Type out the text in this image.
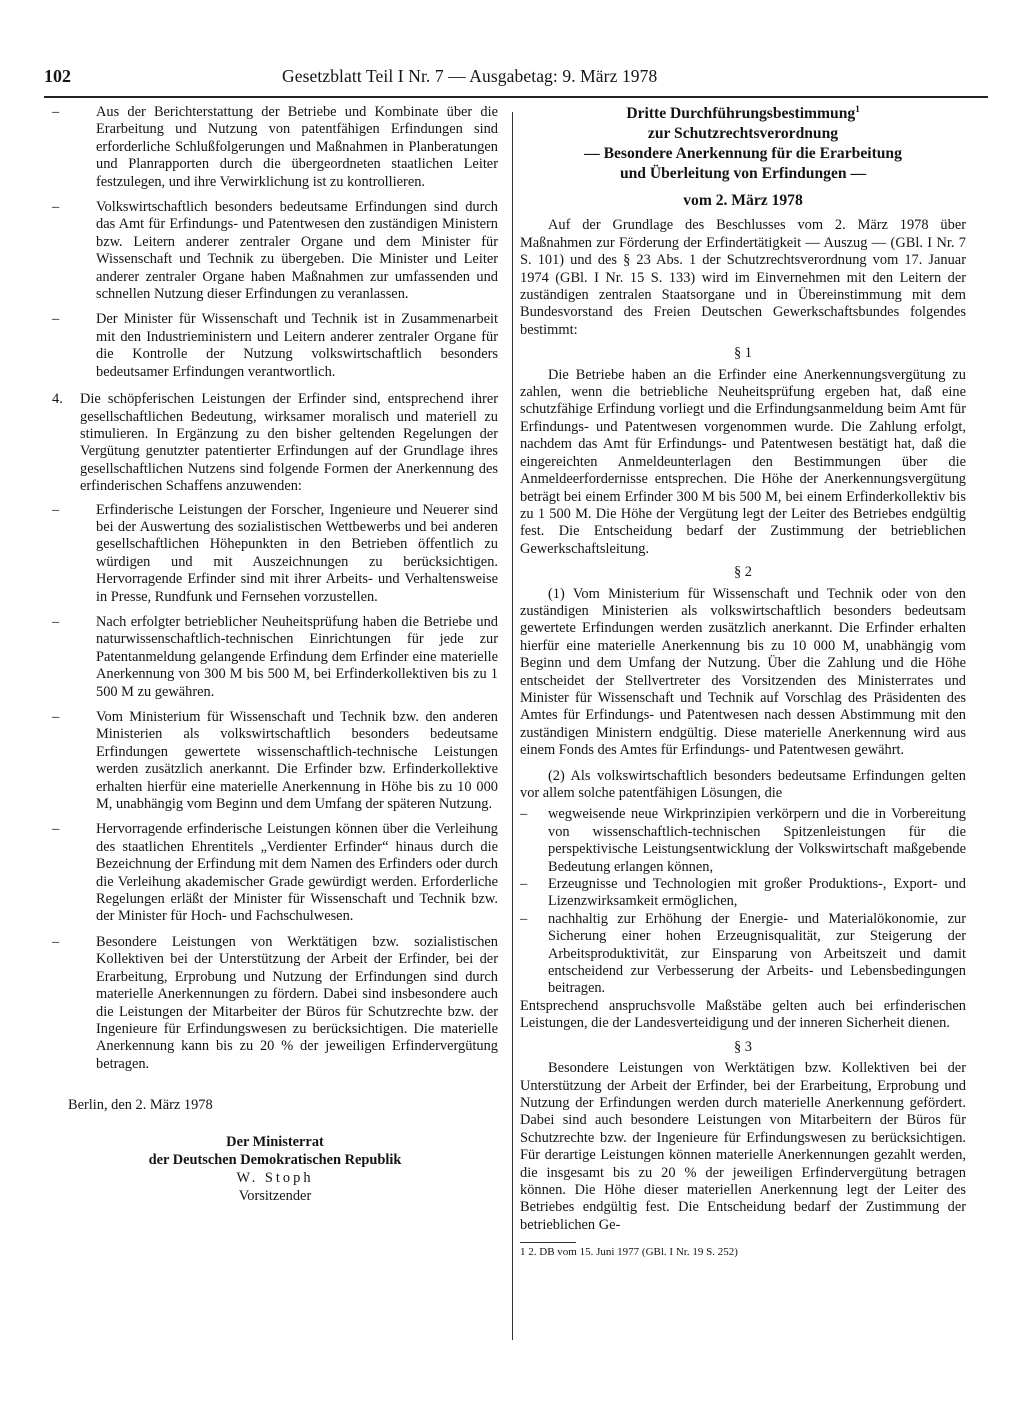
102	Gesetzblatt Teil I Nr. 7 — Ausgabetag: 9. März 1978
–	Aus der Berichterstattung der Betriebe und Kombinate über die Erarbeitung und Nutzung von patentfähigen Erfindungen sind erforderliche Schlußfolgerungen und Maßnahmen in Planberatungen und Planrapporten durch die übergeordneten staatlichen Leiter festzulegen, und ihre Verwirklichung ist zu kontrollieren.
–	Volkswirtschaftlich besonders bedeutsame Erfindungen sind durch das Amt für Erfindungs- und Patentwesen den zuständigen Ministern bzw. Leitern anderer zentraler Organe und dem Minister für Wissenschaft und Technik zu übergeben. Die Minister und Leiter anderer zentraler Organe haben Maßnahmen zur umfassenden und schnellen Nutzung dieser Erfindungen zu veranlassen.
–	Der Minister für Wissenschaft und Technik ist in Zusammenarbeit mit den Industrieministern und Leitern anderer zentraler Organe für die Kontrolle der Nutzung volkswirtschaftlich besonders bedeutsamer Erfindungen verantwortlich.
4. Die schöpferischen Leistungen der Erfinder sind, entsprechend ihrer gesellschaftlichen Bedeutung, wirksamer moralisch und materiell zu stimulieren. In Ergänzung zu den bisher geltenden Regelungen der Vergütung genutzter patentierter Erfindungen auf der Grundlage ihres gesellschaftlichen Nutzens sind folgende Formen der Anerkennung des erfinderischen Schaffens anzuwenden:
–	Erfinderische Leistungen der Forscher, Ingenieure und Neuerer sind bei der Auswertung des sozialistischen Wettbewerbs und bei anderen gesellschaftlichen Höhepunkten in den Betrieben öffentlich zu würdigen und mit Auszeichnungen zu berücksichtigen. Hervorragende Erfinder sind mit ihrer Arbeits- und Verhaltensweise in Presse, Rundfunk und Fernsehen vorzustellen.
–	Nach erfolgter betrieblicher Neuheitsprüfung haben die Betriebe und naturwissenschaftlich-technischen Einrichtungen für jede zur Patentanmeldung gelangende Erfindung dem Erfinder eine materielle Anerkennung von 300 M bis 500 M, bei Erfinderkollektiven bis zu 1 500 M zu gewähren.
–	Vom Ministerium für Wissenschaft und Technik bzw. den anderen Ministerien als volkswirtschaftlich besonders bedeutsame Erfindungen gewertete wissenschaftlich-technische Leistungen werden zusätzlich anerkannt. Die Erfinder bzw. Erfinderkollektive erhalten hierfür eine materielle Anerkennung in Höhe bis zu 10 000 M, unabhängig vom Beginn und dem Umfang der späteren Nutzung.
–	Hervorragende erfinderische Leistungen können über die Verleihung des staatlichen Ehrentitels „Verdienter Erfinder“ hinaus durch die Bezeichnung der Erfindung mit dem Namen des Erfinders oder durch die Verleihung akademischer Grade gewürdigt werden. Erforderliche Regelungen erläßt der Minister für Wissenschaft und Technik bzw. der Minister für Hoch- und Fachschulwesen.
–	Besondere Leistungen von Werktätigen bzw. sozialistischen Kollektiven bei der Unterstützung der Arbeit der Erfinder, bei der Erarbeitung, Erprobung und Nutzung der Erfindungen sind durch materielle Anerkennungen zu fördern. Dabei sind insbesondere auch die Leistungen der Mitarbeiter der Büros für Schutzrechte bzw. der Ingenieure für Erfindungswesen zu berücksichtigen. Die materielle Anerkennung kann bis zu 20 % der jeweiligen Erfindervergütung betragen.
Berlin, den 2. März 1978
Der Ministerrat
der Deutschen Demokratischen Republik
W. Stoph
Vorsitzender
Dritte Durchführungsbestimmung$^1$
zur Schutzrechtsverordnung
— Besondere Anerkennung für die Erarbeitung
und Überleitung von Erfindungen —
vom 2. März 1978
Auf der Grundlage des Beschlusses vom 2. März 1978 über Maßnahmen zur Förderung der Erfindertätigkeit — Auszug — (GBl. I Nr. 7 S. 101) und des § 23 Abs. 1 der Schutzrechtsverordnung vom 17. Januar 1974 (GBl. I Nr. 15 S. 133) wird im Einvernehmen mit den Leitern der zuständigen zentralen Staatsorgane und in Übereinstimmung mit dem Bundesvorstand des Freien Deutschen Gewerkschaftsbundes folgendes bestimmt:
§ 1
Die Betriebe haben an die Erfinder eine Anerkennungsvergütung zu zahlen, wenn die betriebliche Neuheitsprüfung ergeben hat, daß eine schutzfähige Erfindung vorliegt und die Erfindungsanmeldung beim Amt für Erfindungs- und Patentwesen vorgenommen wurde. Die Zahlung erfolgt, nachdem das Amt für Erfindungs- und Patentwesen bestätigt hat, daß die eingereichten Anmeldeunterlagen den Bestimmungen über die Anmeldeerfordernisse entsprechen. Die Höhe der Anerkennungsvergütung beträgt bei einem Erfinder 300 M bis 500 M, bei einem Erfinderkollektiv bis zu 1 500 M. Die Höhe der Vergütung legt der Leiter des Betriebes endgültig fest. Die Entscheidung bedarf der Zustimmung der betrieblichen Gewerkschaftsleitung.
§ 2
(1) Vom Ministerium für Wissenschaft und Technik oder von den zuständigen Ministerien als volkswirtschaftlich besonders bedeutsam gewertete Erfindungen werden zusätzlich anerkannt. Die Erfinder erhalten hierfür eine materielle Anerkennung bis zu 10 000 M, unabhängig vom Beginn und dem Umfang der Nutzung. Über die Zahlung und die Höhe entscheidet der Stellvertreter des Vorsitzenden des Ministerrates und Minister für Wissenschaft und Technik auf Vorschlag des Präsidenten des Amtes für Erfindungs- und Patentwesen nach dessen Abstimmung mit den zuständigen Ministern endgültig. Diese materielle Anerkennung wird aus einem Fonds des Amtes für Erfindungs- und Patentwesen gewährt.
(2) Als volkswirtschaftlich besonders bedeutsame Erfindungen gelten vor allem solche patentfähigen Lösungen, die
– wegweisende neue Wirkprinzipien verkörpern und die in Vorbereitung von wissenschaftlich-technischen Spitzenleistungen für die perspektivische Leistungsentwicklung der Volkswirtschaft maßgebende Bedeutung erlangen können,
– Erzeugnisse und Technologien mit großer Produktions-, Export- und Lizenzwirksamkeit ermöglichen,
– nachhaltig zur Erhöhung der Energie- und Materialökonomie, zur Sicherung einer hohen Erzeugnisqualität, zur Steigerung der Arbeitsproduktivität, zur Einsparung von Arbeitszeit und damit entscheidend zur Verbesserung der Arbeits- und Lebensbedingungen beitragen.
Entsprechend anspruchsvolle Maßstäbe gelten auch bei erfinderischen Leistungen, die der Landesverteidigung und der inneren Sicherheit dienen.
§ 3
Besondere Leistungen von Werktätigen bzw. Kollektiven bei der Unterstützung der Arbeit der Erfinder, bei der Erarbeitung, Erprobung und Nutzung der Erfindungen werden durch materielle Anerkennung gefördert. Dabei sind auch besondere Leistungen von Mitarbeitern der Büros für Schutzrechte bzw. der Ingenieure für Erfindungswesen zu berücksichtigen. Für derartige Leistungen können materielle Anerkennungen gezahlt werden, die insgesamt bis zu 20 % der jeweiligen Erfindervergütung betragen können. Die Höhe dieser materiellen Anerkennung legt der Leiter des Betriebes endgültig fest. Die Entscheidung bedarf der Zustimmung der betrieblichen Ge-
1 2. DB vom 15. Juni 1977 (GBl. I Nr. 19 S. 252)
